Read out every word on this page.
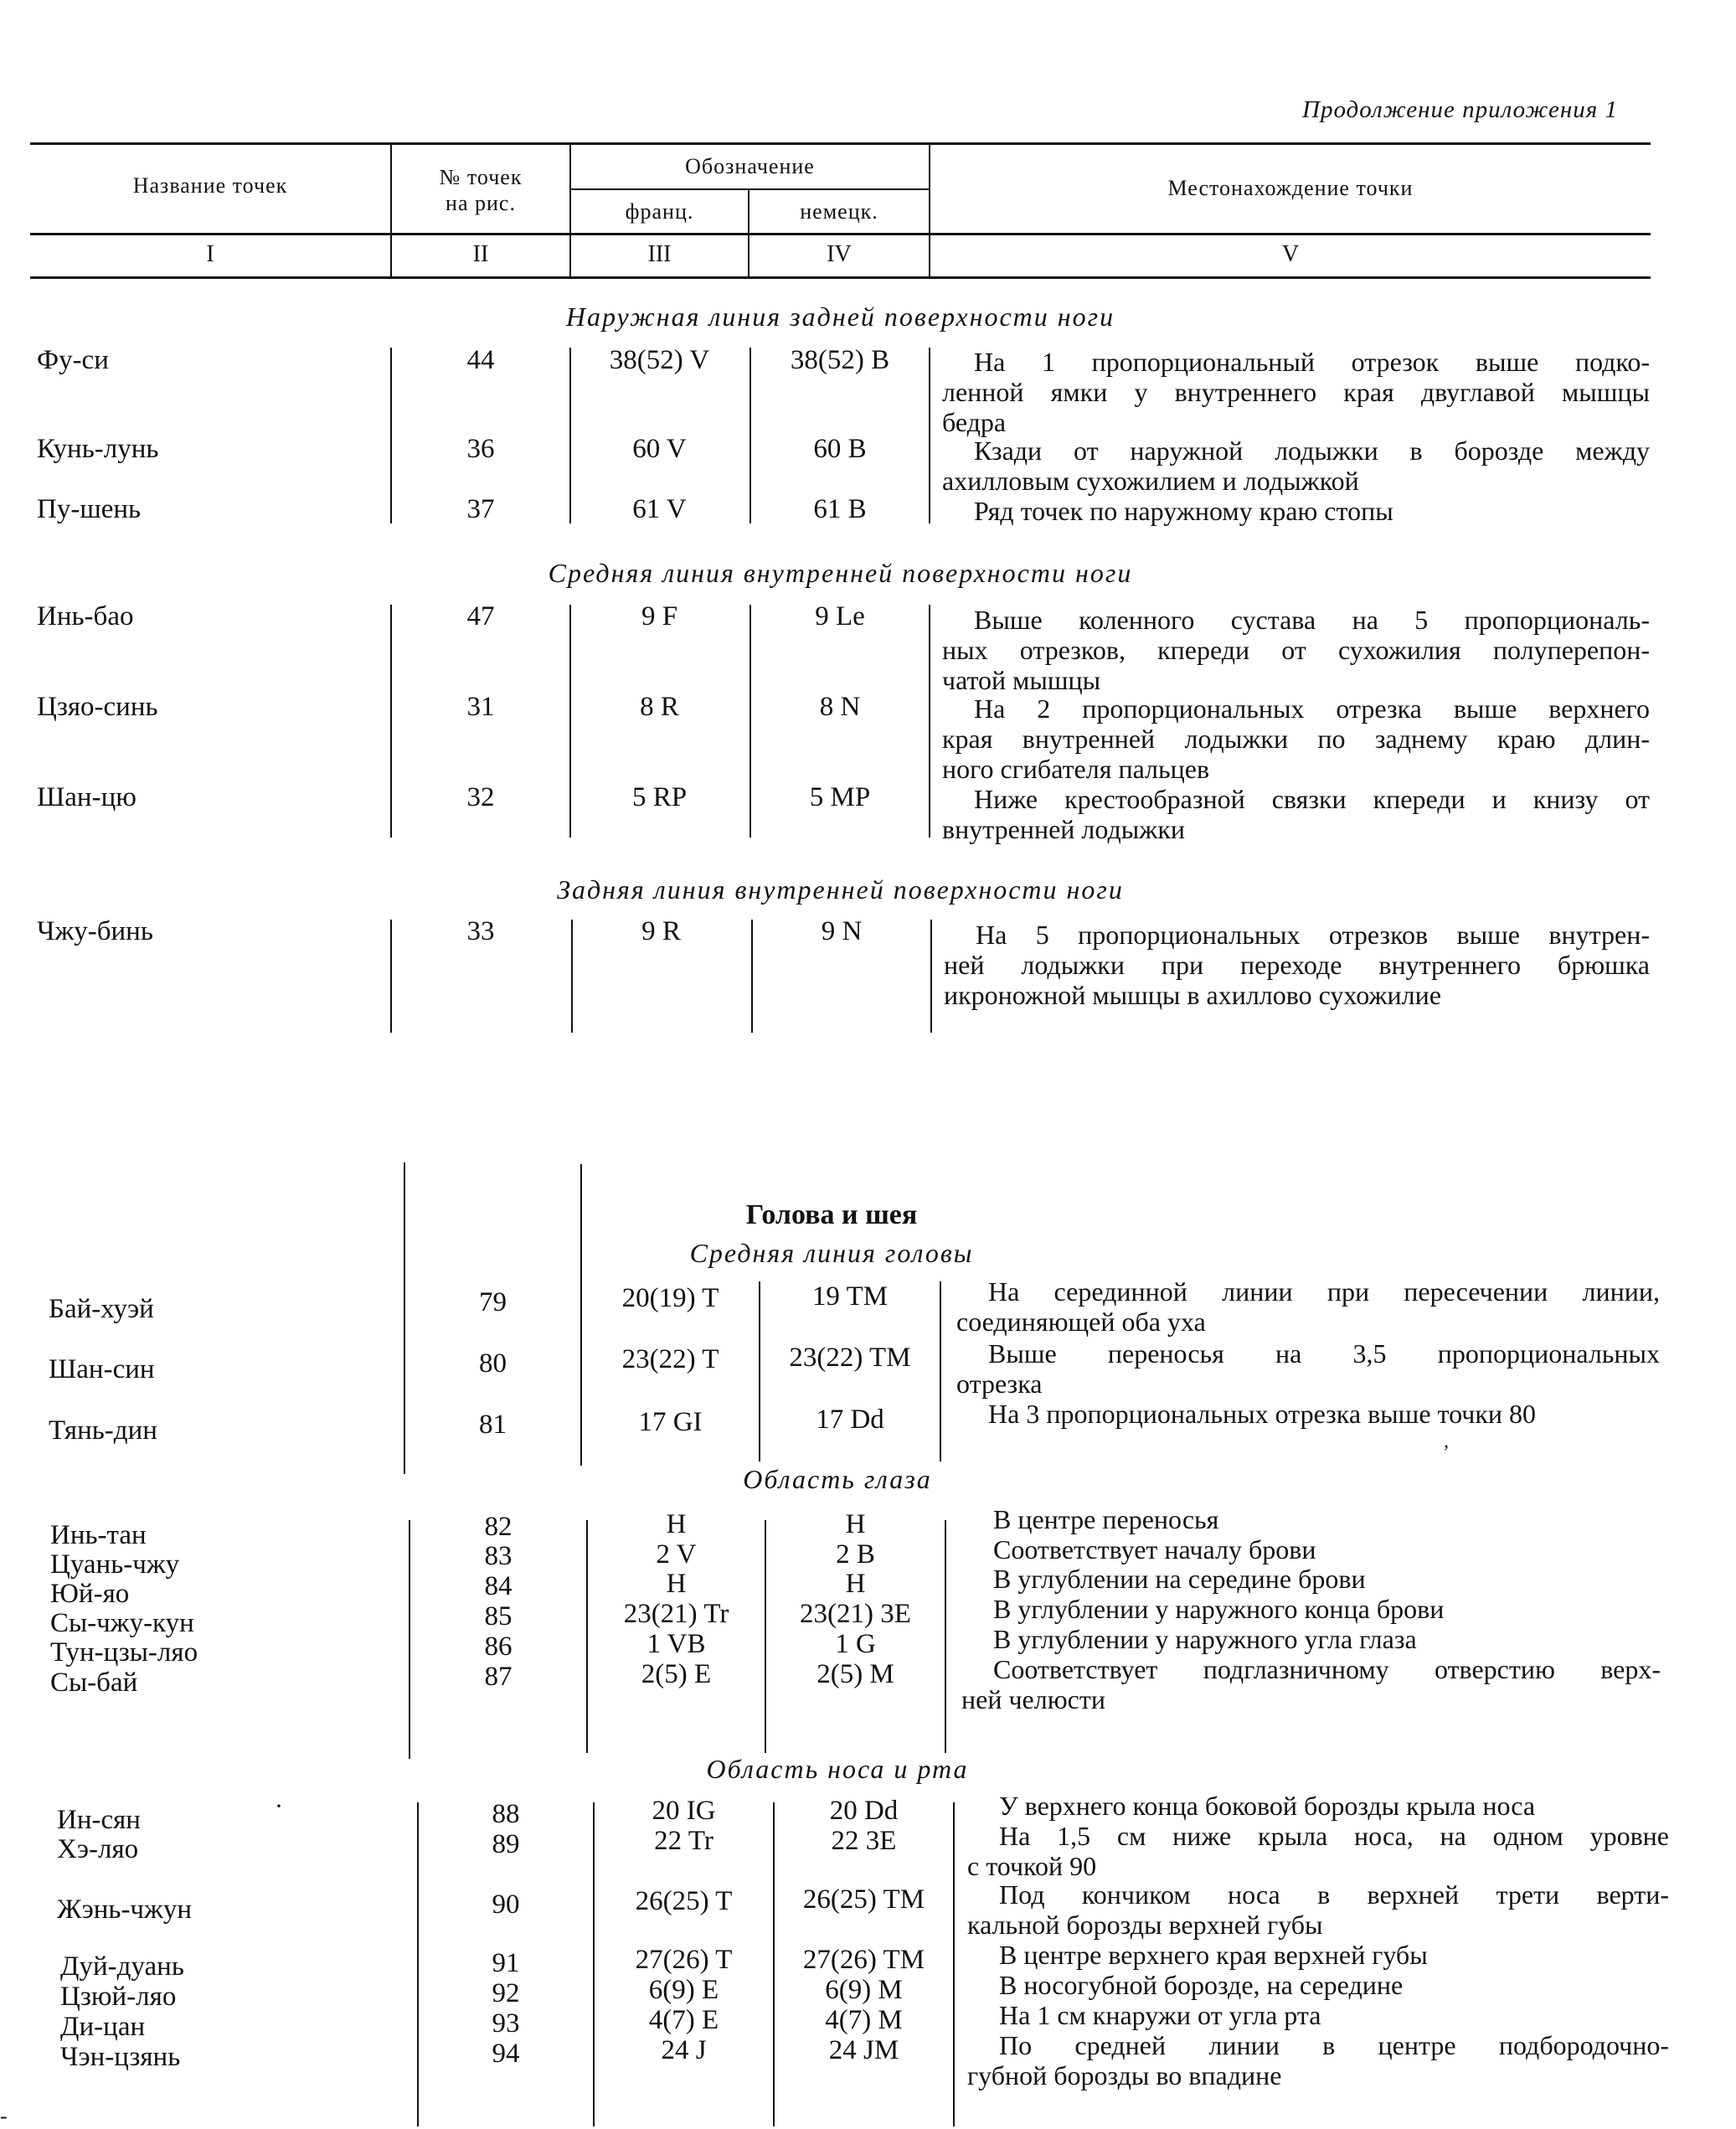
Продолжение приложения 1
Название точек	№ точек
на рис.
Обозначение
франц.	немецк.
Местонахождение точки
I	II	III	IV	V
Наружная линия задней поверхности ноги
Фу-си	44	38(52) V	38(52) B	На 1 пропорциональный отрезок выше подко-
ленной ямки у внутреннего края двуглавой мышцы
бедра
Кунь-лунь	36	60 V	60 B	Кзади от наружной лодыжки в борозде между
ахилловым сухожилием и лодыжкой
Пу-шень	37	61 V	61 B	Ряд точек по наружному краю стопы
Средняя линия внутренней поверхности ноги
Инь-бао	47	9 F	9 Le	Выше коленного сустава на 5 пропорциональ-
ных отрезков, кпереди от сухожилия полуперепон-
чатой мышцы
Цзяо-синь	31	8 R	8 N	На 2 пропорциональных отрезка выше верхнего
края внутренней лодыжки по заднему краю длин-
ного сгибателя пальцев
Шан-цю	32	5 RP	5 MP	Ниже крестообразной связки кпереди и книзу от
внутренней лодыжки
Задняя линия внутренней поверхности ноги
Чжу-бинь	33	9 R	9 N	На 5 пропорциональных отрезков выше внутрен-
ней лодыжки при переходе внутреннего брюшка
икроножной мышцы в ахиллово сухожилие
Голова и шея
Средняя линия головы
Бай-хуэй	79	20(19) T	19 TM	На серединной линии при пересечении линии,
соединяющей оба уха
Шан-син	80	23(22) T	23(22) TM	Выше переносья на 3,5 пропорциональных
отрезка
Тянь-дин	81	17 GI	17 Dd	На 3 пропорциональных отрезка выше точки 80
,
Область глаза
Инь-тан	82	H	H	В центре переносья
Цуань-чжу	83	2 V	2 B	Соответствует началу брови
Юй-яо	84	H	H	В углублении на середине брови
Сы-чжу-кун	85	23(21) Tr	23(21) 3E	В углублении у наружного конца брови
Тун-цзы-ляо	86	1 VB	1 G	В углублении у наружного угла глаза
Сы-бай	87	2(5) E	2(5) M	Соответствует подглазничному отверстию верх-
ней челюсти
Область носа и рта
·
Ин-сян	88	20 IG	20 Dd	У верхнего конца боковой борозды крыла носа
Хэ-ляо	89	22 Tr	22 3E	На 1,5 см ниже крыла носа, на одном уровне
с точкой 90
Жэнь-чжун	90	26(25) T	26(25) TM	Под кончиком носа в верхней трети верти-
кальной борозды верхней губы
Дуй-дуань	91	27(26) T	27(26) TM	В центре верхнего края верхней губы
Цзюй-ляо	92	6(9) E	6(9) M	В носогубной борозде, на середине
Ди-цан	93	4(7) E	4(7) M	На 1 см кнаружи от угла рта
Чэн-цзянь	94	24 J	24 JM	По средней линии в центре подбородочно-
губной борозды во впадине
‐
